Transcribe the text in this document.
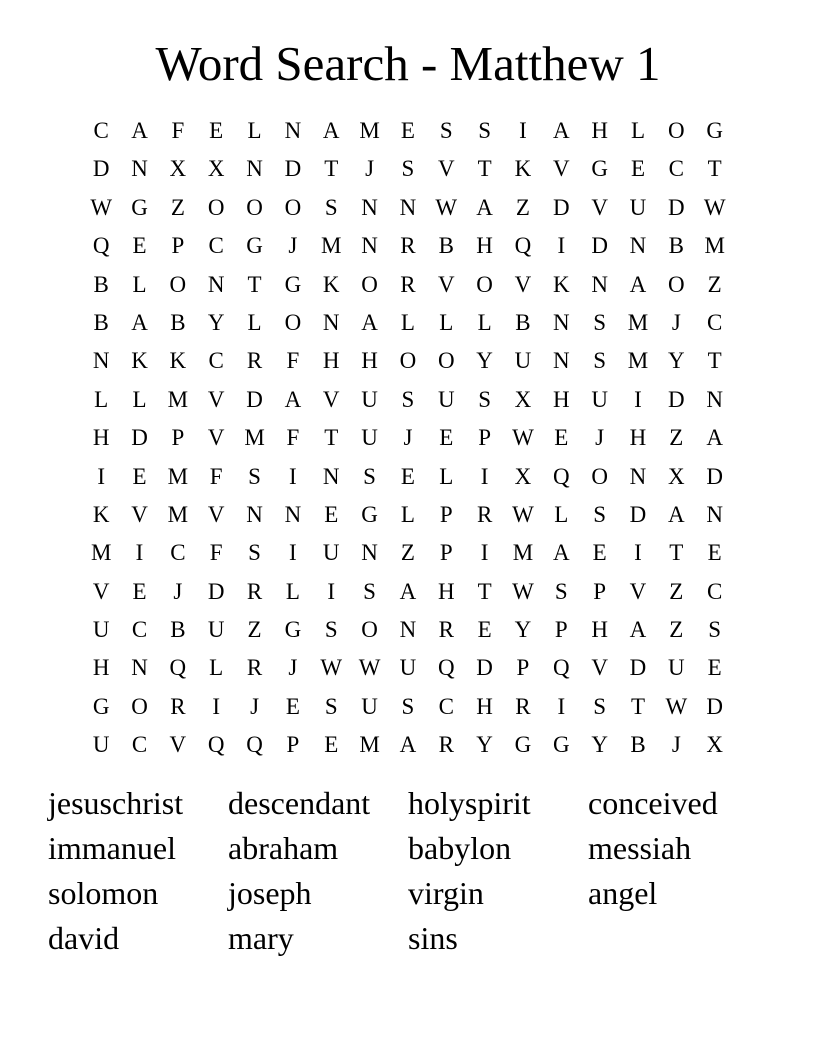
Word Search - Matthew 1
C A	F	E	L	N A M E	S	S	I	A H	L	O G
D N X X N D	T	J	S	V	T	K V G	E	C	T
W G	Z	O O O	S	N N W A	Z	D V U D W
Q	E	P	C G	J	M N R	B H Q	I	D N B M
B	L	O N	T	G K O R V O V K N A O	Z
B A B Y	L	O N A	L	L	L	B N	S M	J	C
N K K C	R	F	H H O O Y U N	S M Y	T
L	L M V D A V U	S	U	S	X H U	I	D N
H D	P	V M F	T	U	J	E	P W E	J	H	Z	A
I	E M F	S	I	N	S	E	L	I	X Q O N X D
K V M V N N	E	G	L	P	R W L	S	D A N
M	I	C	F	S	I	U N	Z	P	I	M A	E	I	T	E
V	E	J	D R	L	I	S	A H	T W S	P	V	Z	C
U C	B U	Z	G	S	O N R	E	Y	P	H A	Z	S
H N Q	L	R	J	W W U Q D	P	Q V D U	E
G O R	I	J	E	S	U	S	C H R	I	S	T W D
U C V Q Q	P	E M A R Y G G Y B	J	X
jesuschrist	descendant	holyspirit	conceived
immanuel	abraham	babylon	messiah
solomon	joseph	virgin	angel
david	mary	sins
